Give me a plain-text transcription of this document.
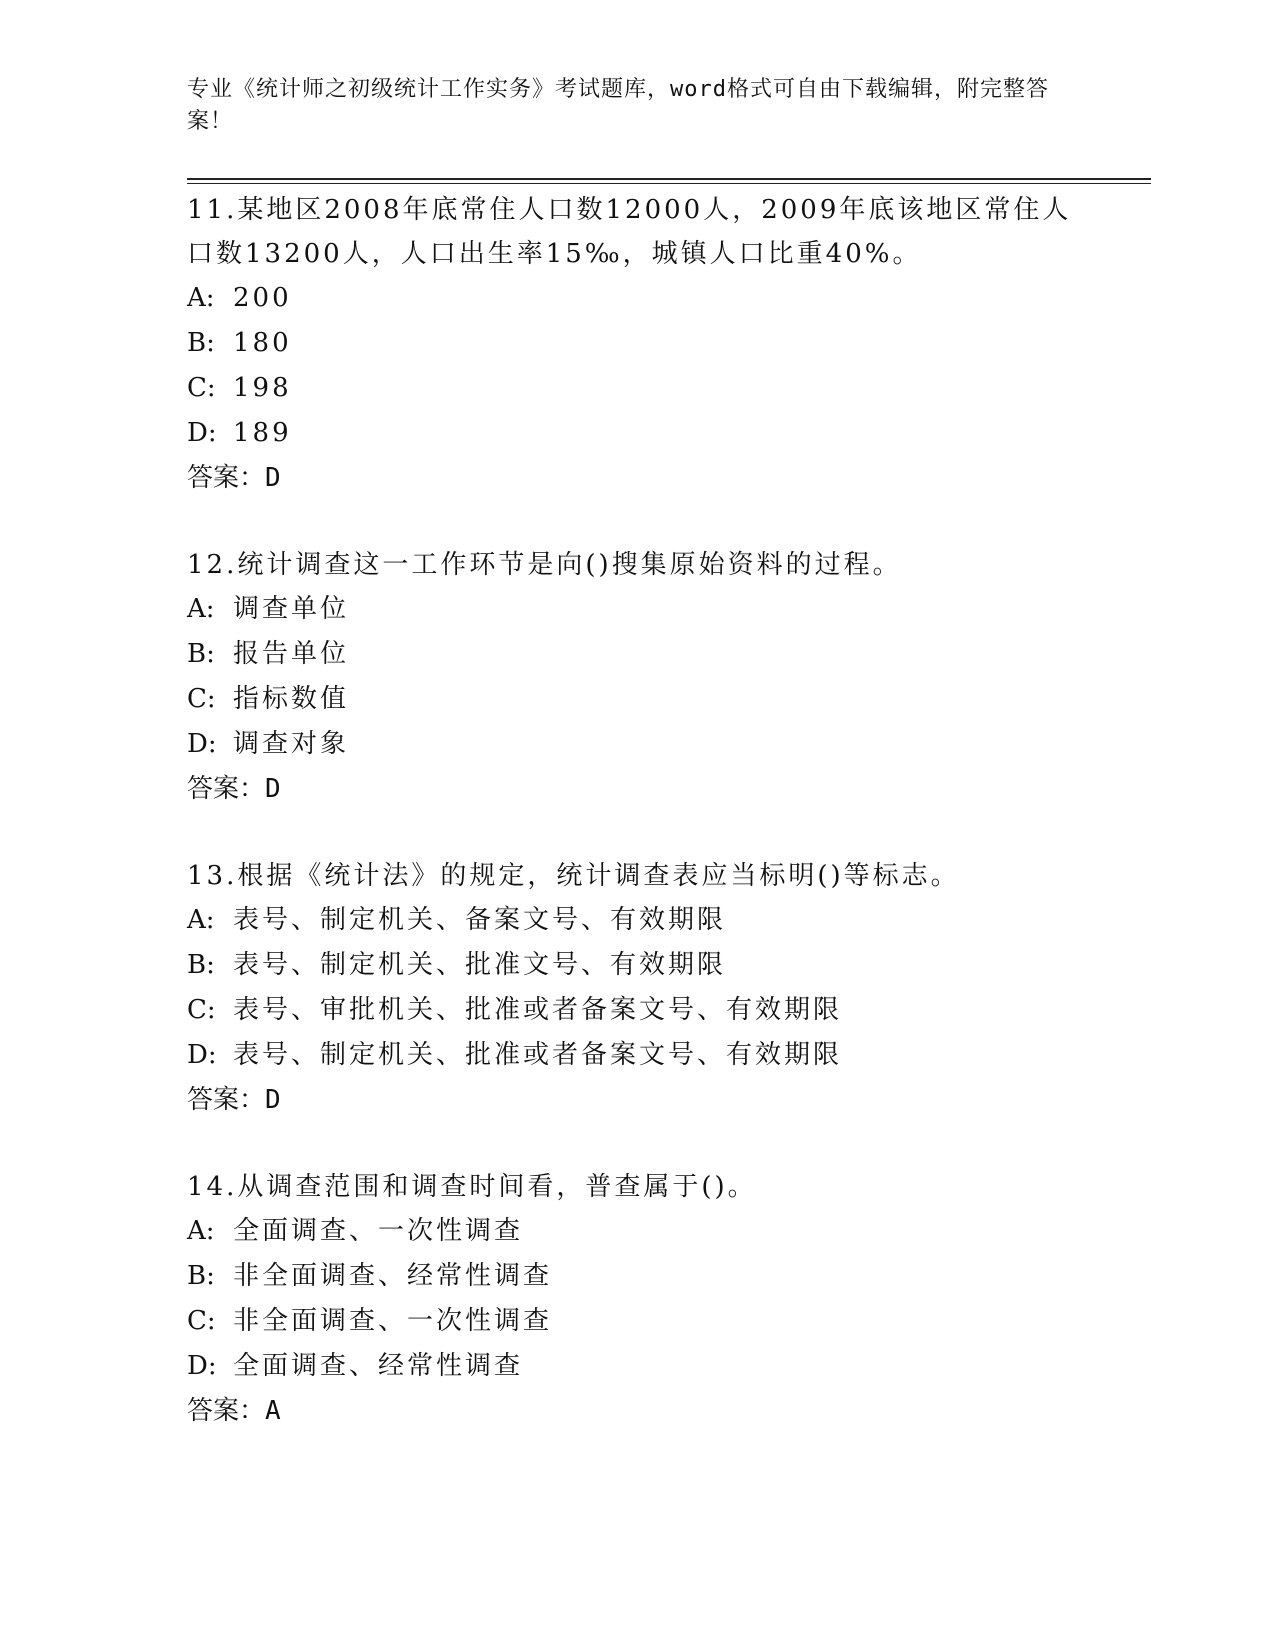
专业《统计师之初级统计工作实务》考试题库，word格式可自由下载编辑，附完整答案！
11.某地区2008年底常住人口数12000人，2009年底该地区常住人口数13200人，人口出生率15‰，城镇人口比重40%。
A: 200
B: 180
C: 198
D: 189
答案：D
12.统计调查这一工作环节是向()搜集原始资料的过程。
A: 调查单位
B: 报告单位
C: 指标数值
D: 调查对象
答案：D
13.根据《统计法》的规定，统计调查表应当标明()等标志。
A: 表号、制定机关、备案文号、有效期限
B: 表号、制定机关、批准文号、有效期限
C: 表号、审批机关、批准或者备案文号、有效期限
D: 表号、制定机关、批准或者备案文号、有效期限
答案：D
14.从调查范围和调查时间看，普查属于()。
A: 全面调查、一次性调查
B: 非全面调查、经常性调查
C: 非全面调查、一次性调查
D: 全面调查、经常性调查
答案：A
